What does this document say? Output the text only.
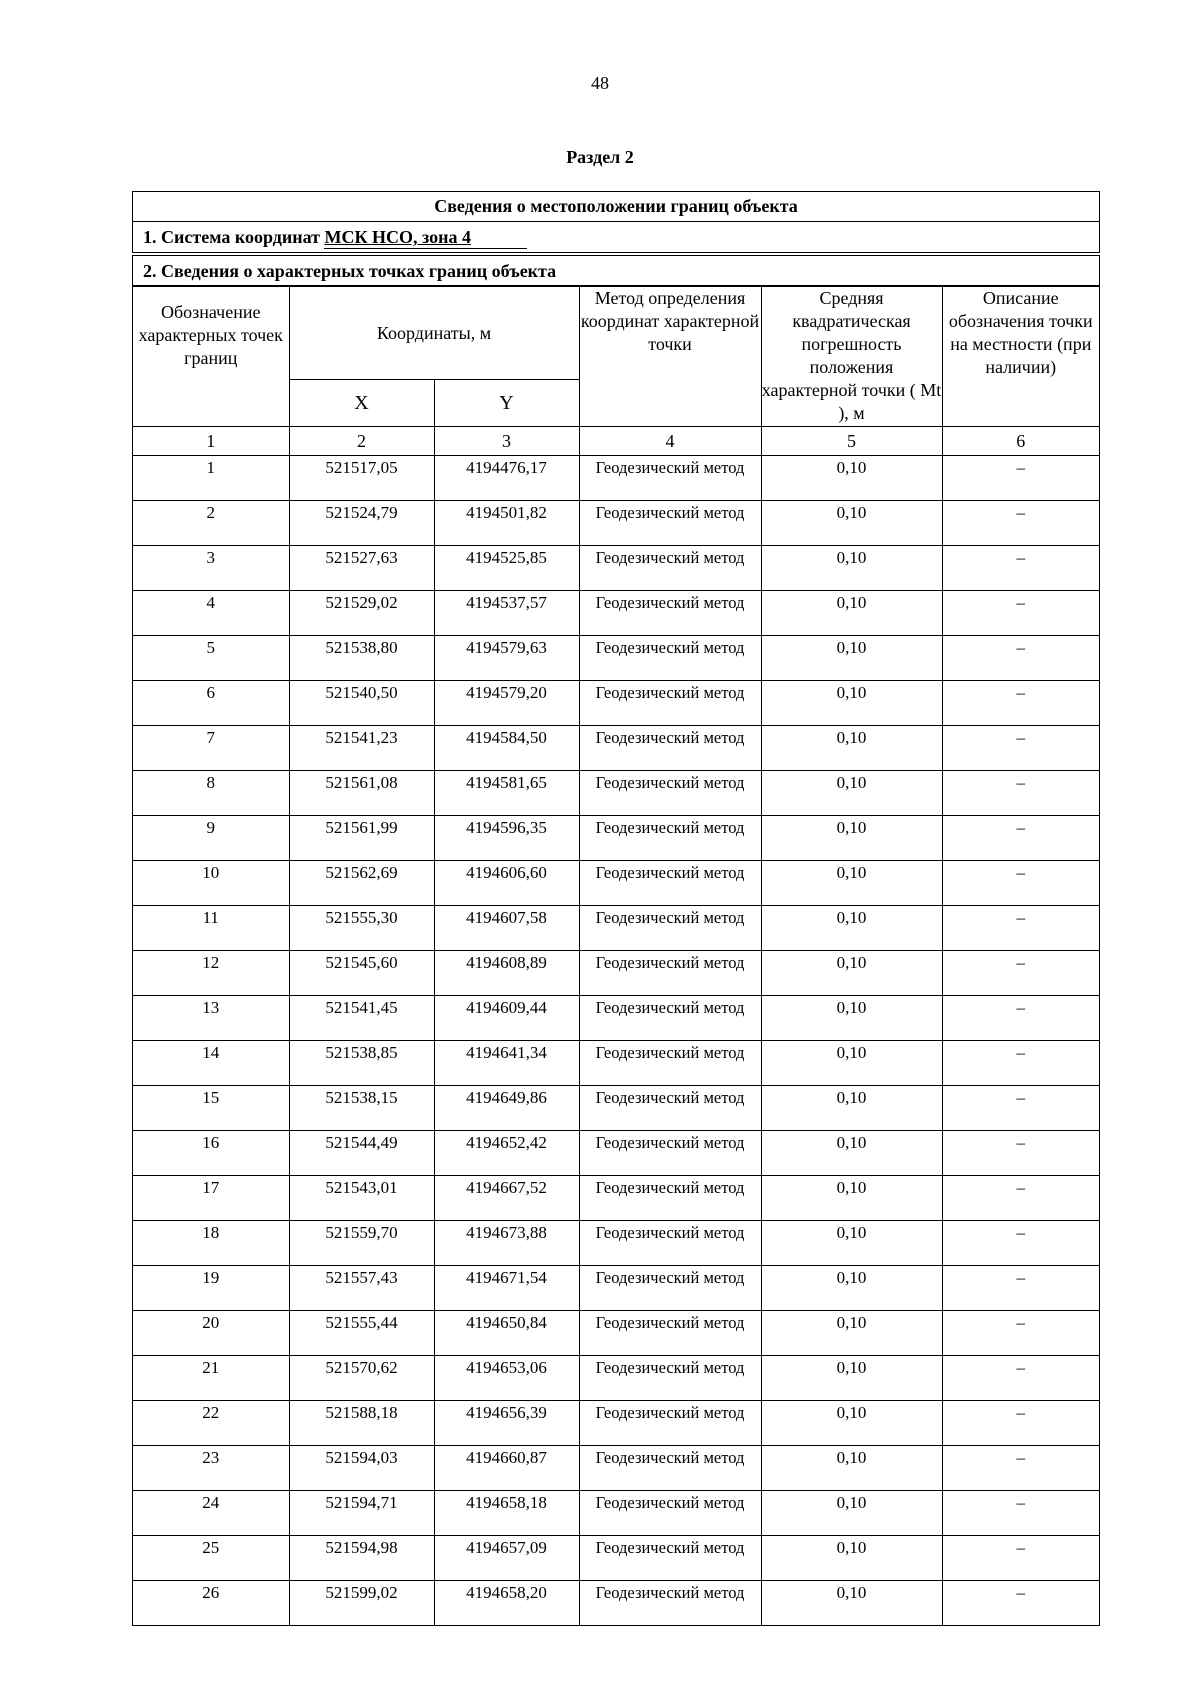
48
Раздел 2
Сведения о местоположении границ объекта
1. Система координат МСК НСО, зона 4
2. Сведения о характерных точках границ объекта
Обозначение характерных точек границ	Координаты, м		Метод определения координат характерной точки	Средняя квадратическая погрешность положения характерной точки ( Mt ), м	Описание обозначения точки на местности (при наличии)
	X	Y			
1	2	3	4	5	6
1	521517,05	4194476,17	Геодезический метод	0,10	–
2	521524,79	4194501,82	Геодезический метод	0,10	–
3	521527,63	4194525,85	Геодезический метод	0,10	–
4	521529,02	4194537,57	Геодезический метод	0,10	–
5	521538,80	4194579,63	Геодезический метод	0,10	–
6	521540,50	4194579,20	Геодезический метод	0,10	–
7	521541,23	4194584,50	Геодезический метод	0,10	–
8	521561,08	4194581,65	Геодезический метод	0,10	–
9	521561,99	4194596,35	Геодезический метод	0,10	–
10	521562,69	4194606,60	Геодезический метод	0,10	–
11	521555,30	4194607,58	Геодезический метод	0,10	–
12	521545,60	4194608,89	Геодезический метод	0,10	–
13	521541,45	4194609,44	Геодезический метод	0,10	–
14	521538,85	4194641,34	Геодезический метод	0,10	–
15	521538,15	4194649,86	Геодезический метод	0,10	–
16	521544,49	4194652,42	Геодезический метод	0,10	–
17	521543,01	4194667,52	Геодезический метод	0,10	–
18	521559,70	4194673,88	Геодезический метод	0,10	–
19	521557,43	4194671,54	Геодезический метод	0,10	–
20	521555,44	4194650,84	Геодезический метод	0,10	–
21	521570,62	4194653,06	Геодезический метод	0,10	–
22	521588,18	4194656,39	Геодезический метод	0,10	–
23	521594,03	4194660,87	Геодезический метод	0,10	–
24	521594,71	4194658,18	Геодезический метод	0,10	–
25	521594,98	4194657,09	Геодезический метод	0,10	–
26	521599,02	4194658,20	Геодезический метод	0,10	–
